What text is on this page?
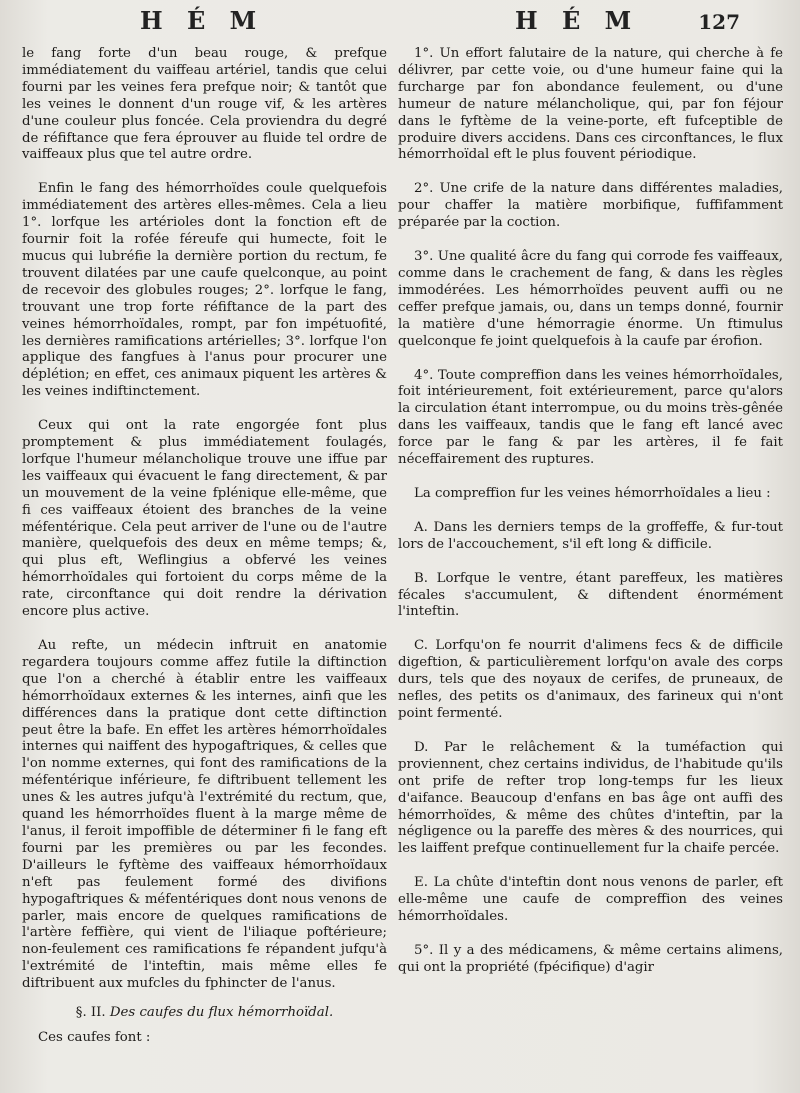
H É M	H É M	127

le fang forte d'un beau rouge, & prefque immédiatement du vaiffeau artériel, tandis que celui fourni par les veines fera prefque noir; & tantôt que les veines le donnent d'un rouge vif, & les artères d'une couleur plus foncée. Cela proviendra du degré de réfiftance que fera éprouver au fluide tel ordre de vaiffeaux plus que tel autre ordre.

Enfin le fang des hémorrhoïdes coule quelquefois immédiatement des artères elles-mêmes. Cela a lieu 1°. lorfque les artérioles dont la fonction eft de fournir foit la rofée féreufe qui humecte, foit le mucus qui lubréfie la dernière portion du rectum, fe trouvent dilatées par une caufe quelconque, au point de recevoir des globules rouges; 2°. lorfque le fang, trouvant une trop forte réfiftance de la part des veines hémorrhoïdales, rompt, par fon impétuofité, les dernières ramifications artérielles; 3°. lorfque l'on applique des fangfues à l'anus pour procurer une déplétion; en effet, ces animaux piquent les artères & les veines indiftinctement.

Ceux qui ont la rate engorgée font plus promptement & plus immédiatement foulagés, lorfque l'humeur mélancholique trouve une iffue par les vaiffeaux qui évacuent le fang directement, & par un mouvement de la veine fplénique elle-même, que fi ces vaiffeaux étoient des branches de la veine méfentérique. Cela peut arriver de l'une ou de l'autre manière, quelquefois des deux en même temps; &, qui plus eft, Weflingius a obfervé les veines hémorrhoïdales qui fortoient du corps même de la rate, circonftance qui doit rendre la dérivation encore plus active.

Au refte, un médecin inftruit en anatomie regardera toujours comme affez futile la diftinction que l'on a cherché à établir entre les vaiffeaux hémorrhoïdaux externes & les internes, ainfi que les différences dans la pratique dont cette diftinction peut être la bafe. En effet les artères hémorrhoïdales internes qui naiffent des hypogaftriques, & celles que l'on nomme externes, qui font des ramifications de la méfentérique inférieure, fe diftribuent tellement les unes & les autres jufqu'à l'extrémité du rectum, que, quand les hémorrhoïdes fluent à la marge même de l'anus, il feroit impoffible de déterminer fi le fang eft fourni par les premières ou par les fecondes. D'ailleurs le fyftème des vaiffeaux hémorrhoïdaux n'eft pas feulement formé des divifions hypogaftriques & méfentériques dont nous venons de parler, mais encore de quelques ramifications de l'artère feffière, qui vient de l'iliaque poftérieure; non-feulement ces ramifications fe répandent jufqu'à l'extrémité de l'inteftin, mais même elles fe diftribuent aux mufcles du fphincter de l'anus.

§. II. Des caufes du flux hémorrhoïdal.

Ces caufes font :

1°. Un effort falutaire de la nature, qui cherche à fe délivrer, par cette voie, ou d'une humeur faine qui la furcharge par fon abondance feulement, ou d'une humeur de nature mélancholique, qui, par fon féjour dans le fyftème de la veine-porte, eft fufceptible de produire divers accidens. Dans ces circonftances, le flux hémorrhoïdal eft le plus fouvent périodique.

2°. Une crife de la nature dans différentes maladies, pour chaffer la matière morbifique, fuffifamment préparée par la coction.

3°. Une qualité âcre du fang qui corrode fes vaiffeaux, comme dans le crachement de fang, & dans les règles immodérées. Les hémorrhoïdes peuvent auffi ou ne ceffer prefque jamais, ou, dans un temps donné, fournir la matière d'une hémorragie énorme. Un ftimulus quelconque fe joint quelquefois à la caufe par érofion.

4°. Toute compreffion dans les veines hémorrhoïdales, foit intérieurement, foit extérieurement, parce qu'alors la circulation étant interrompue, ou du moins très-gênée dans les vaiffeaux, tandis que le fang eft lancé avec force par le fang & par les artères, il fe fait néceffairement des ruptures.

La compreffion fur les veines hémorrhoïdales a lieu :

A. Dans les derniers temps de la groffeffe, & fur-tout lors de l'accouchement, s'il eft long & difficile.

B. Lorfque le ventre, étant pareffeux, les matières fécales s'accumulent, & diftendent énormément l'inteftin.

C. Lorfqu'on fe nourrit d'alimens fecs & de difficile digeftion, & particulièrement lorfqu'on avale des corps durs, tels que des noyaux de cerifes, de pruneaux, de nefles, des petits os d'animaux, des farineux qui n'ont point fermenté.

D. Par le relâchement & la tuméfaction qui proviennent, chez certains individus, de l'habitude qu'ils ont prife de refter trop long-temps fur les lieux d'aifance. Beaucoup d'enfans en bas âge ont auffi des hémorrhoïdes, & même des chûtes d'inteftin, par la négligence ou la pareffe des mères & des nourrices, qui les laiffent prefque continuellement fur la chaife percée.

E. La chûte d'inteftin dont nous venons de parler, eft elle-même une caufe de compreffion des veines hémorrhoïdales.

5°. Il y a des médicamens, & même certains alimens, qui ont la propriété (fpécifique) d'agir
